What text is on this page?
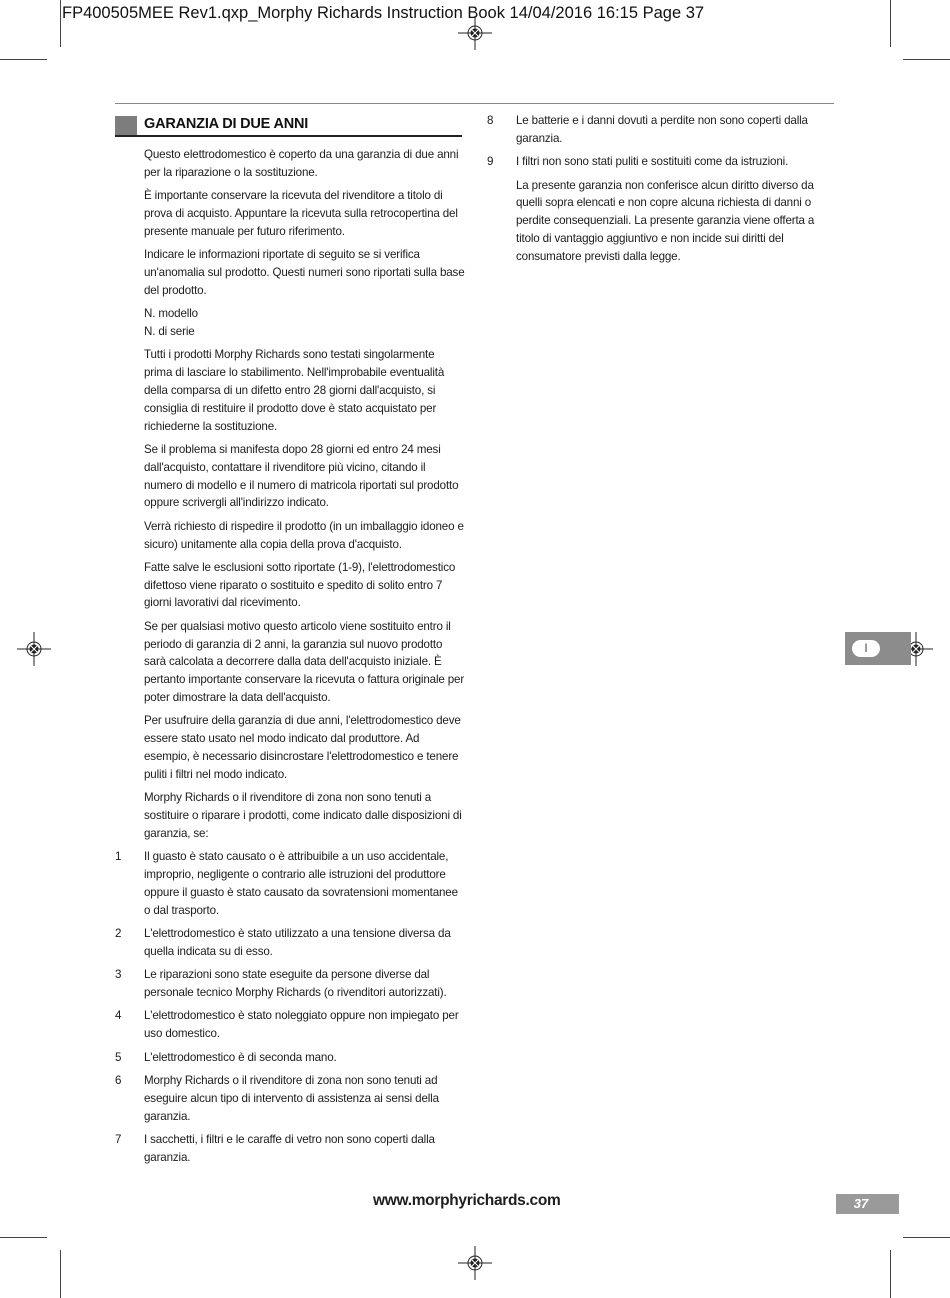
FP400505MEE Rev1.qxp_Morphy Richards Instruction Book 14/04/2016 16:15 Page 37
GARANZIA DI DUE ANNI

Questo elettrodomestico è coperto da una garanzia di due anni per la riparazione o la sostituzione.

È importante conservare la ricevuta del rivenditore a titolo di prova di acquisto. Appuntare la ricevuta sulla retrocopertina del presente manuale per futuro riferimento.

Indicare le informazioni riportate di seguito se si verifica un'anomalia sul prodotto. Questi numeri sono riportati sulla base del prodotto.

N. modello

N. di serie

Tutti i prodotti Morphy Richards sono testati singolarmente prima di lasciare lo stabilimento. Nell'improbabile eventualità della comparsa di un difetto entro 28 giorni dall'acquisto, si consiglia di restituire il prodotto dove è stato acquistato per richiederne la sostituzione.

Se il problema si manifesta dopo 28 giorni ed entro 24 mesi dall'acquisto, contattare il rivenditore più vicino, citando il numero di modello e il numero di matricola riportati sul prodotto oppure scrivergli all'indirizzo indicato.

Verrà richiesto di rispedire il prodotto (in un imballaggio idoneo e sicuro) unitamente alla copia della prova d'acquisto.

Fatte salve le esclusioni sotto riportate (1-9), l'elettrodomestico difettoso viene riparato o sostituito e spedito di solito entro 7 giorni lavorativi dal ricevimento.

Se per qualsiasi motivo questo articolo viene sostituito entro il periodo di garanzia di 2 anni, la garanzia sul nuovo prodotto sarà calcolata a decorrere dalla data dell'acquisto iniziale. È pertanto importante conservare la ricevuta o fattura originale per poter dimostrare la data dell'acquisto.

Per usufruire della garanzia di due anni, l'elettrodomestico deve essere stato usato nel modo indicato dal produttore. Ad esempio, è necessario disincrostare l'elettrodomestico e tenere puliti i filtri nel modo indicato.

Morphy Richards o il rivenditore di zona non sono tenuti a sostituire o riparare i prodotti, come indicato dalle disposizioni di garanzia, se:

1 Il guasto è stato causato o è attribuibile a un uso accidentale, improprio, negligente o contrario alle istruzioni del produttore oppure il guasto è stato causato da sovratensioni momentanee o dal trasporto.
2 L'elettrodomestico è stato utilizzato a una tensione diversa da quella indicata su di esso.
3 Le riparazioni sono state eseguite da persone diverse dal personale tecnico Morphy Richards (o rivenditori autorizzati).
4 L'elettrodomestico è stato noleggiato oppure non impiegato per uso domestico.
5 L'elettrodomestico è di seconda mano.
6 Morphy Richards o il rivenditore di zona non sono tenuti ad eseguire alcun tipo di intervento di assistenza ai sensi della garanzia.
7 I sacchetti, i filtri e le caraffe di vetro non sono coperti dalla garanzia.
8 Le batterie e i danni dovuti a perdite non sono coperti dalla garanzia.
9 I filtri non sono stati puliti e sostituiti come da istruzioni.

La presente garanzia non conferisce alcun diritto diverso da quelli sopra elencati e non copre alcuna richiesta di danni o perdite consequenziali. La presente garanzia viene offerta a titolo di vantaggio aggiuntivo e non incide sui diritti del consumatore previsti dalla legge.

I
www.morphyrichards.com	37
